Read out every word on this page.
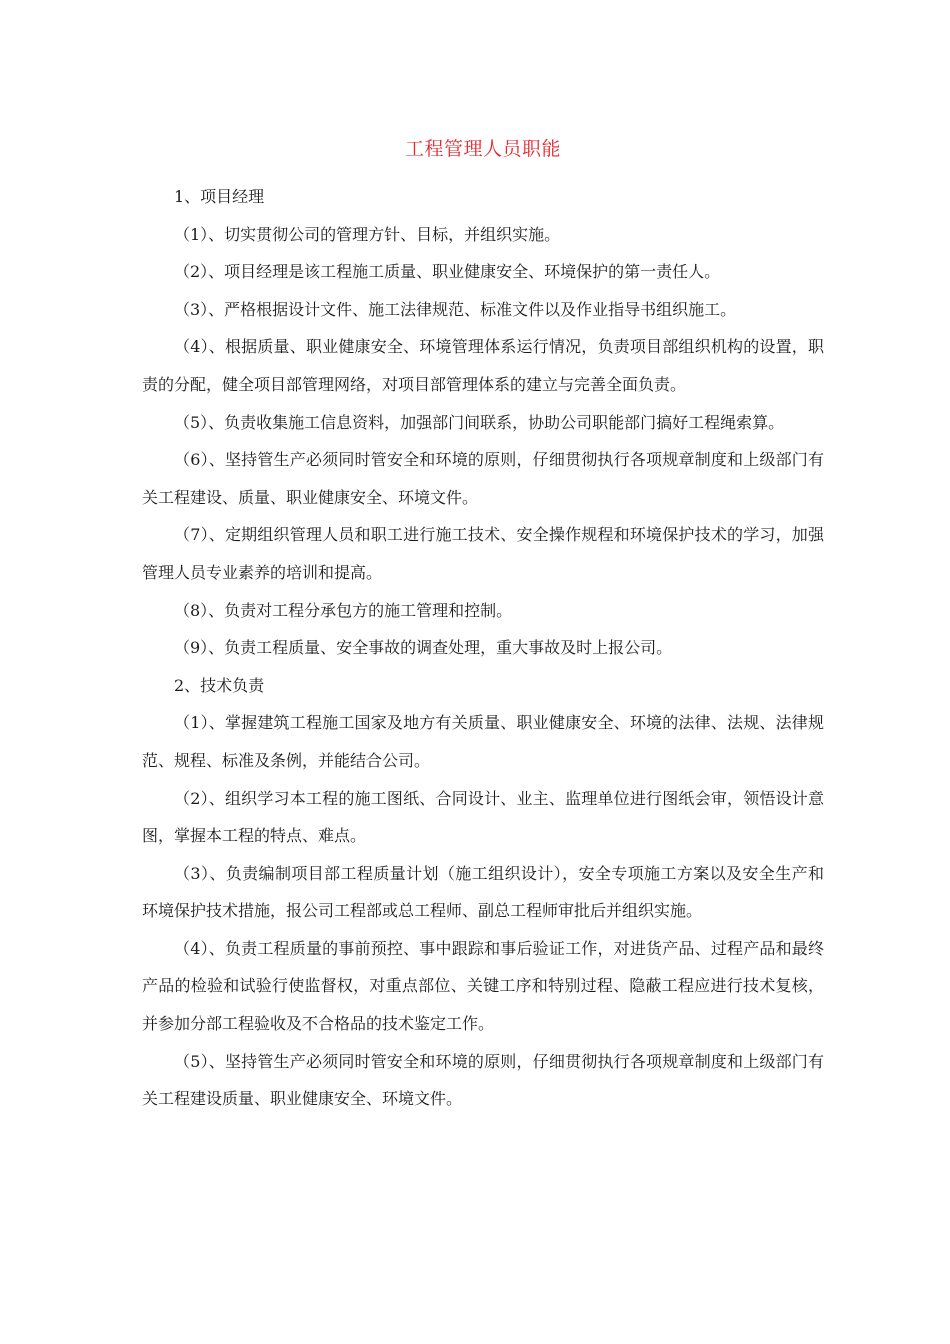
工程管理人员职能

1、项目经理

（1）、切实贯彻公司的管理方针、目标，并组织实施。

（2）、项目经理是该工程施工质量、职业健康安全、环境保护的第一责任人。

（3）、严格根据设计文件、施工法律规范、标准文件以及作业指导书组织施工。

（4）、根据质量、职业健康安全、环境管理体系运行情况，负责项目部组织机构的设置，职责的分配，健全项目部管理网络，对项目部管理体系的建立与完善全面负责。

（5）、负责收集施工信息资料，加强部门间联系，协助公司职能部门搞好工程绳索算。

（6）、坚持管生产必须同时管安全和环境的原则，仔细贯彻执行各项规章制度和上级部门有关工程建设、质量、职业健康安全、环境文件。

（7）、定期组织管理人员和职工进行施工技术、安全操作规程和环境保护技术的学习，加强管理人员专业素养的培训和提高。

（8）、负责对工程分承包方的施工管理和控制。

（9）、负责工程质量、安全事故的调查处理，重大事故及时上报公司。

2、技术负责

（1）、掌握建筑工程施工国家及地方有关质量、职业健康安全、环境的法律、法规、法律规范、规程、标准及条例，并能结合公司。

（2）、组织学习本工程的施工图纸、合同设计、业主、监理单位进行图纸会审，领悟设计意图，掌握本工程的特点、难点。

（3）、负责编制项目部工程质量计划（施工组织设计），安全专项施工方案以及安全生产和环境保护技术措施，报公司工程部或总工程师、副总工程师审批后并组织实施。

（4）、负责工程质量的事前预控、事中跟踪和事后验证工作，对进货产品、过程产品和最终产品的检验和试验行使监督权，对重点部位、关键工序和特别过程、隐蔽工程应进行技术复核，并参加分部工程验收及不合格品的技术鉴定工作。

（5）、坚持管生产必须同时管安全和环境的原则，仔细贯彻执行各项规章制度和上级部门有关工程建设质量、职业健康安全、环境文件。
